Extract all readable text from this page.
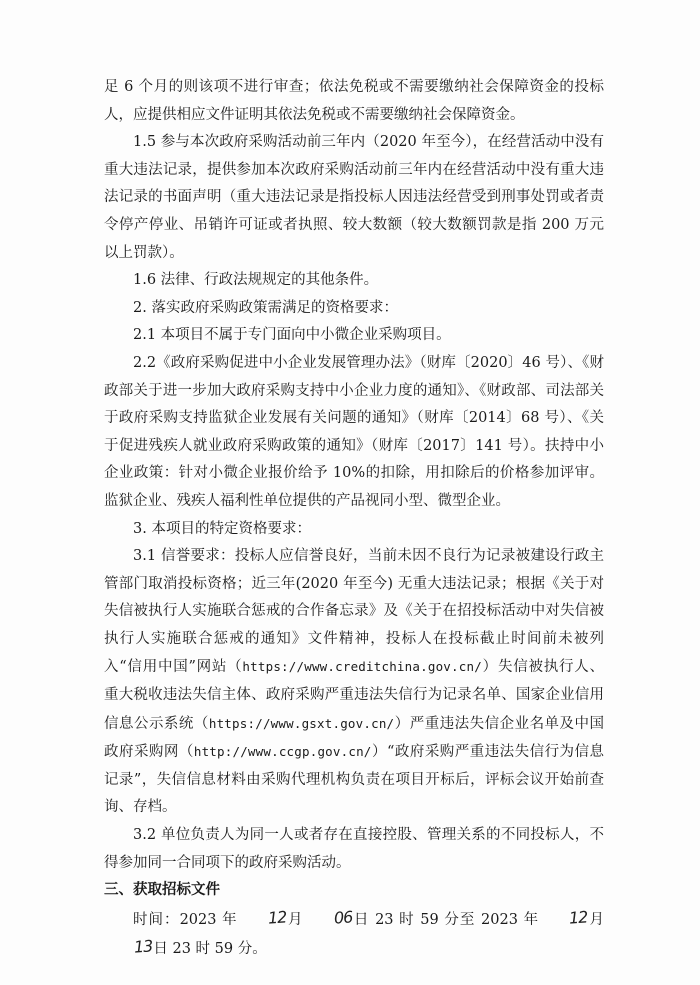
足 6 个月的则该项不进行审查；依法免税或不需要缴纳社会保障资金的投标人，应提供相应文件证明其依法免税或不需要缴纳社会保障资金。

1.5 参与本次政府采购活动前三年内（2020 年至今），在经营活动中没有重大违法记录，提供参加本次政府采购活动前三年内在经营活动中没有重大违法记录的书面声明（重大违法记录是指投标人因违法经营受到刑事处罚或者责令停产停业、吊销许可证或者执照、较大数额（较大数额罚款是指 200 万元以上罚款）。

1.6 法律、行政法规规定的其他条件。

2. 落实政府采购政策需满足的资格要求：

2.1 本项目不属于专门面向中小微企业采购项目。

2.2《政府采购促进中小企业发展管理办法》（财库〔2020〕46 号）、《财政部关于进一步加大政府采购支持中小企业力度的通知》、《财政部、司法部关于政府采购支持监狱企业发展有关问题的通知》（财库〔2014〕68 号）、《关于促进残疾人就业政府采购政策的通知》（财库〔2017〕141 号）。扶持中小企业政策：针对小微企业报价给予 10%的扣除，用扣除后的价格参加评审。监狱企业、残疾人福利性单位提供的产品视同小型、微型企业。

3. 本项目的特定资格要求：

3.1 信誉要求：投标人应信誉良好，当前未因不良行为记录被建设行政主管部门取消投标资格；近三年(2020 年至今) 无重大违法记录；根据《关于对失信被执行人实施联合惩戒的合作备忘录》及《关于在招投标活动中对失信被执行人实施联合惩戒的通知》文件精神，投标人在投标截止时间前未被列入“信用中国”网站（https://www.creditchina.gov.cn/）失信被执行人、重大税收违法失信主体、政府采购严重违法失信行为记录名单、国家企业信用信息公示系统（https://www.gsxt.gov.cn/）严重违法失信企业名单及中国政府采购网（http://www.ccgp.gov.cn/）“政府采购严重违法失信行为信息记录”，失信信息材料由采购代理机构负责在项目开标后，评标会议开始前查询、存档。

3.2 单位负责人为同一人或者存在直接控股、管理关系的不同投标人，不得参加同一合同项下的政府采购活动。

三、获取招标文件

时间：2023 年 12月 06日 23 时 59 分至 2023 年 12月13日 23 时 59 分。
